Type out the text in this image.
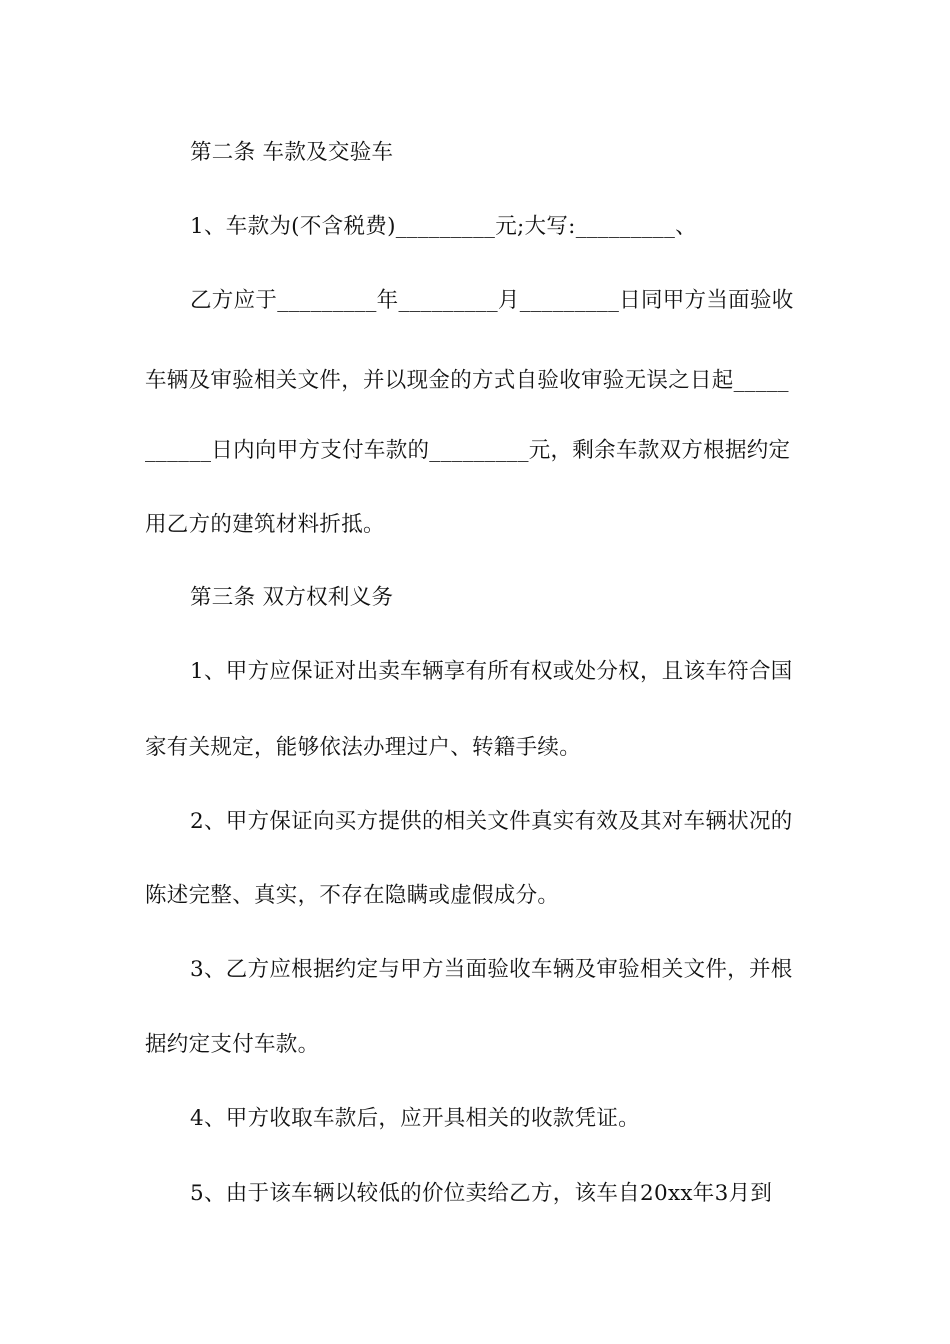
第二条 车款及交验车
1、车款为(不含税费)_________元;大写:_________、
乙方应于_________年_________月_________日同甲方当面验收
车辆及审验相关文件，并以现金的方式自验收审验无误之日起_____
______日内向甲方支付车款的_________元，剩余车款双方根据约定
用乙方的建筑材料折抵。
第三条 双方权利义务
1、甲方应保证对出卖车辆享有所有权或处分权，且该车符合国
家有关规定，能够依法办理过户、转籍手续。
2、甲方保证向买方提供的相关文件真实有效及其对车辆状况的
陈述完整、真实，不存在隐瞒或虚假成分。
3、乙方应根据约定与甲方当面验收车辆及审验相关文件，并根
据约定支付车款。
4、甲方收取车款后，应开具相关的收款凭证。
5、由于该车辆以较低的价位卖给乙方，该车自20xx年3月到
